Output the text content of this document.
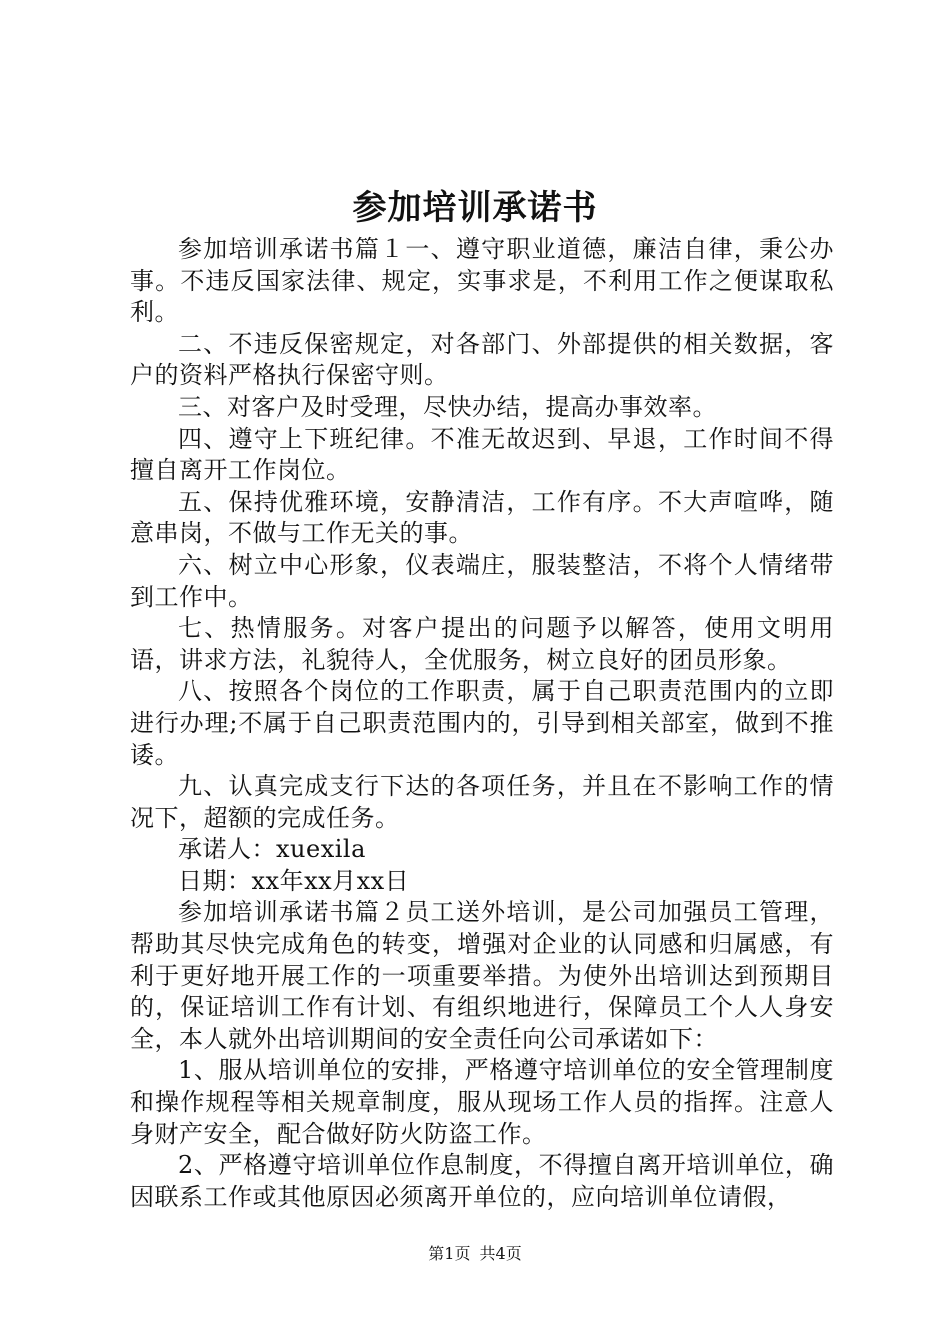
参加培训承诺书

参加培训承诺书篇１一、遵守职业道德，廉洁自律，秉公办事。不违反国家法律、规定，实事求是，不利用工作之便谋取私利。

二、不违反保密规定，对各部门、外部提供的相关数据，客户的资料严格执行保密守则。

三、对客户及时受理，尽快办结，提高办事效率。

四、遵守上下班纪律。不准无故迟到、早退，工作时间不得擅自离开工作岗位。

五、保持优雅环境，安静清洁，工作有序。不大声喧哗，随意串岗，不做与工作无关的事。

六、树立中心形象，仪表端庄，服装整洁，不将个人情绪带到工作中。

七、热情服务。对客户提出的问题予以解答，使用文明用语，讲求方法，礼貌待人，全优服务，树立良好的团员形象。

八、按照各个岗位的工作职责，属于自己职责范围内的立即进行办理;不属于自己职责范围内的，引导到相关部室，做到不推诿。

九、认真完成支行下达的各项任务，并且在不影响工作的情况下，超额的完成任务。

承诺人：xuexila

日期：xx年xx月xx日

参加培训承诺书篇２员工送外培训，是公司加强员工管理，帮助其尽快完成角色的转变，增强对企业的认同感和归属感，有利于更好地开展工作的一项重要举措。为使外出培训达到预期目的，保证培训工作有计划、有组织地进行，保障员工个人人身安全，本人就外出培训期间的安全责任向公司承诺如下：

1、服从培训单位的安排，严格遵守培训单位的安全管理制度和操作规程等相关规章制度，服从现场工作人员的指挥。注意人身财产安全，配合做好防火防盗工作。

2、严格遵守培训单位作息制度，不得擅自离开培训单位，确因联系工作或其他原因必须离开单位的，应向培训单位请假，

第1页 共4页
